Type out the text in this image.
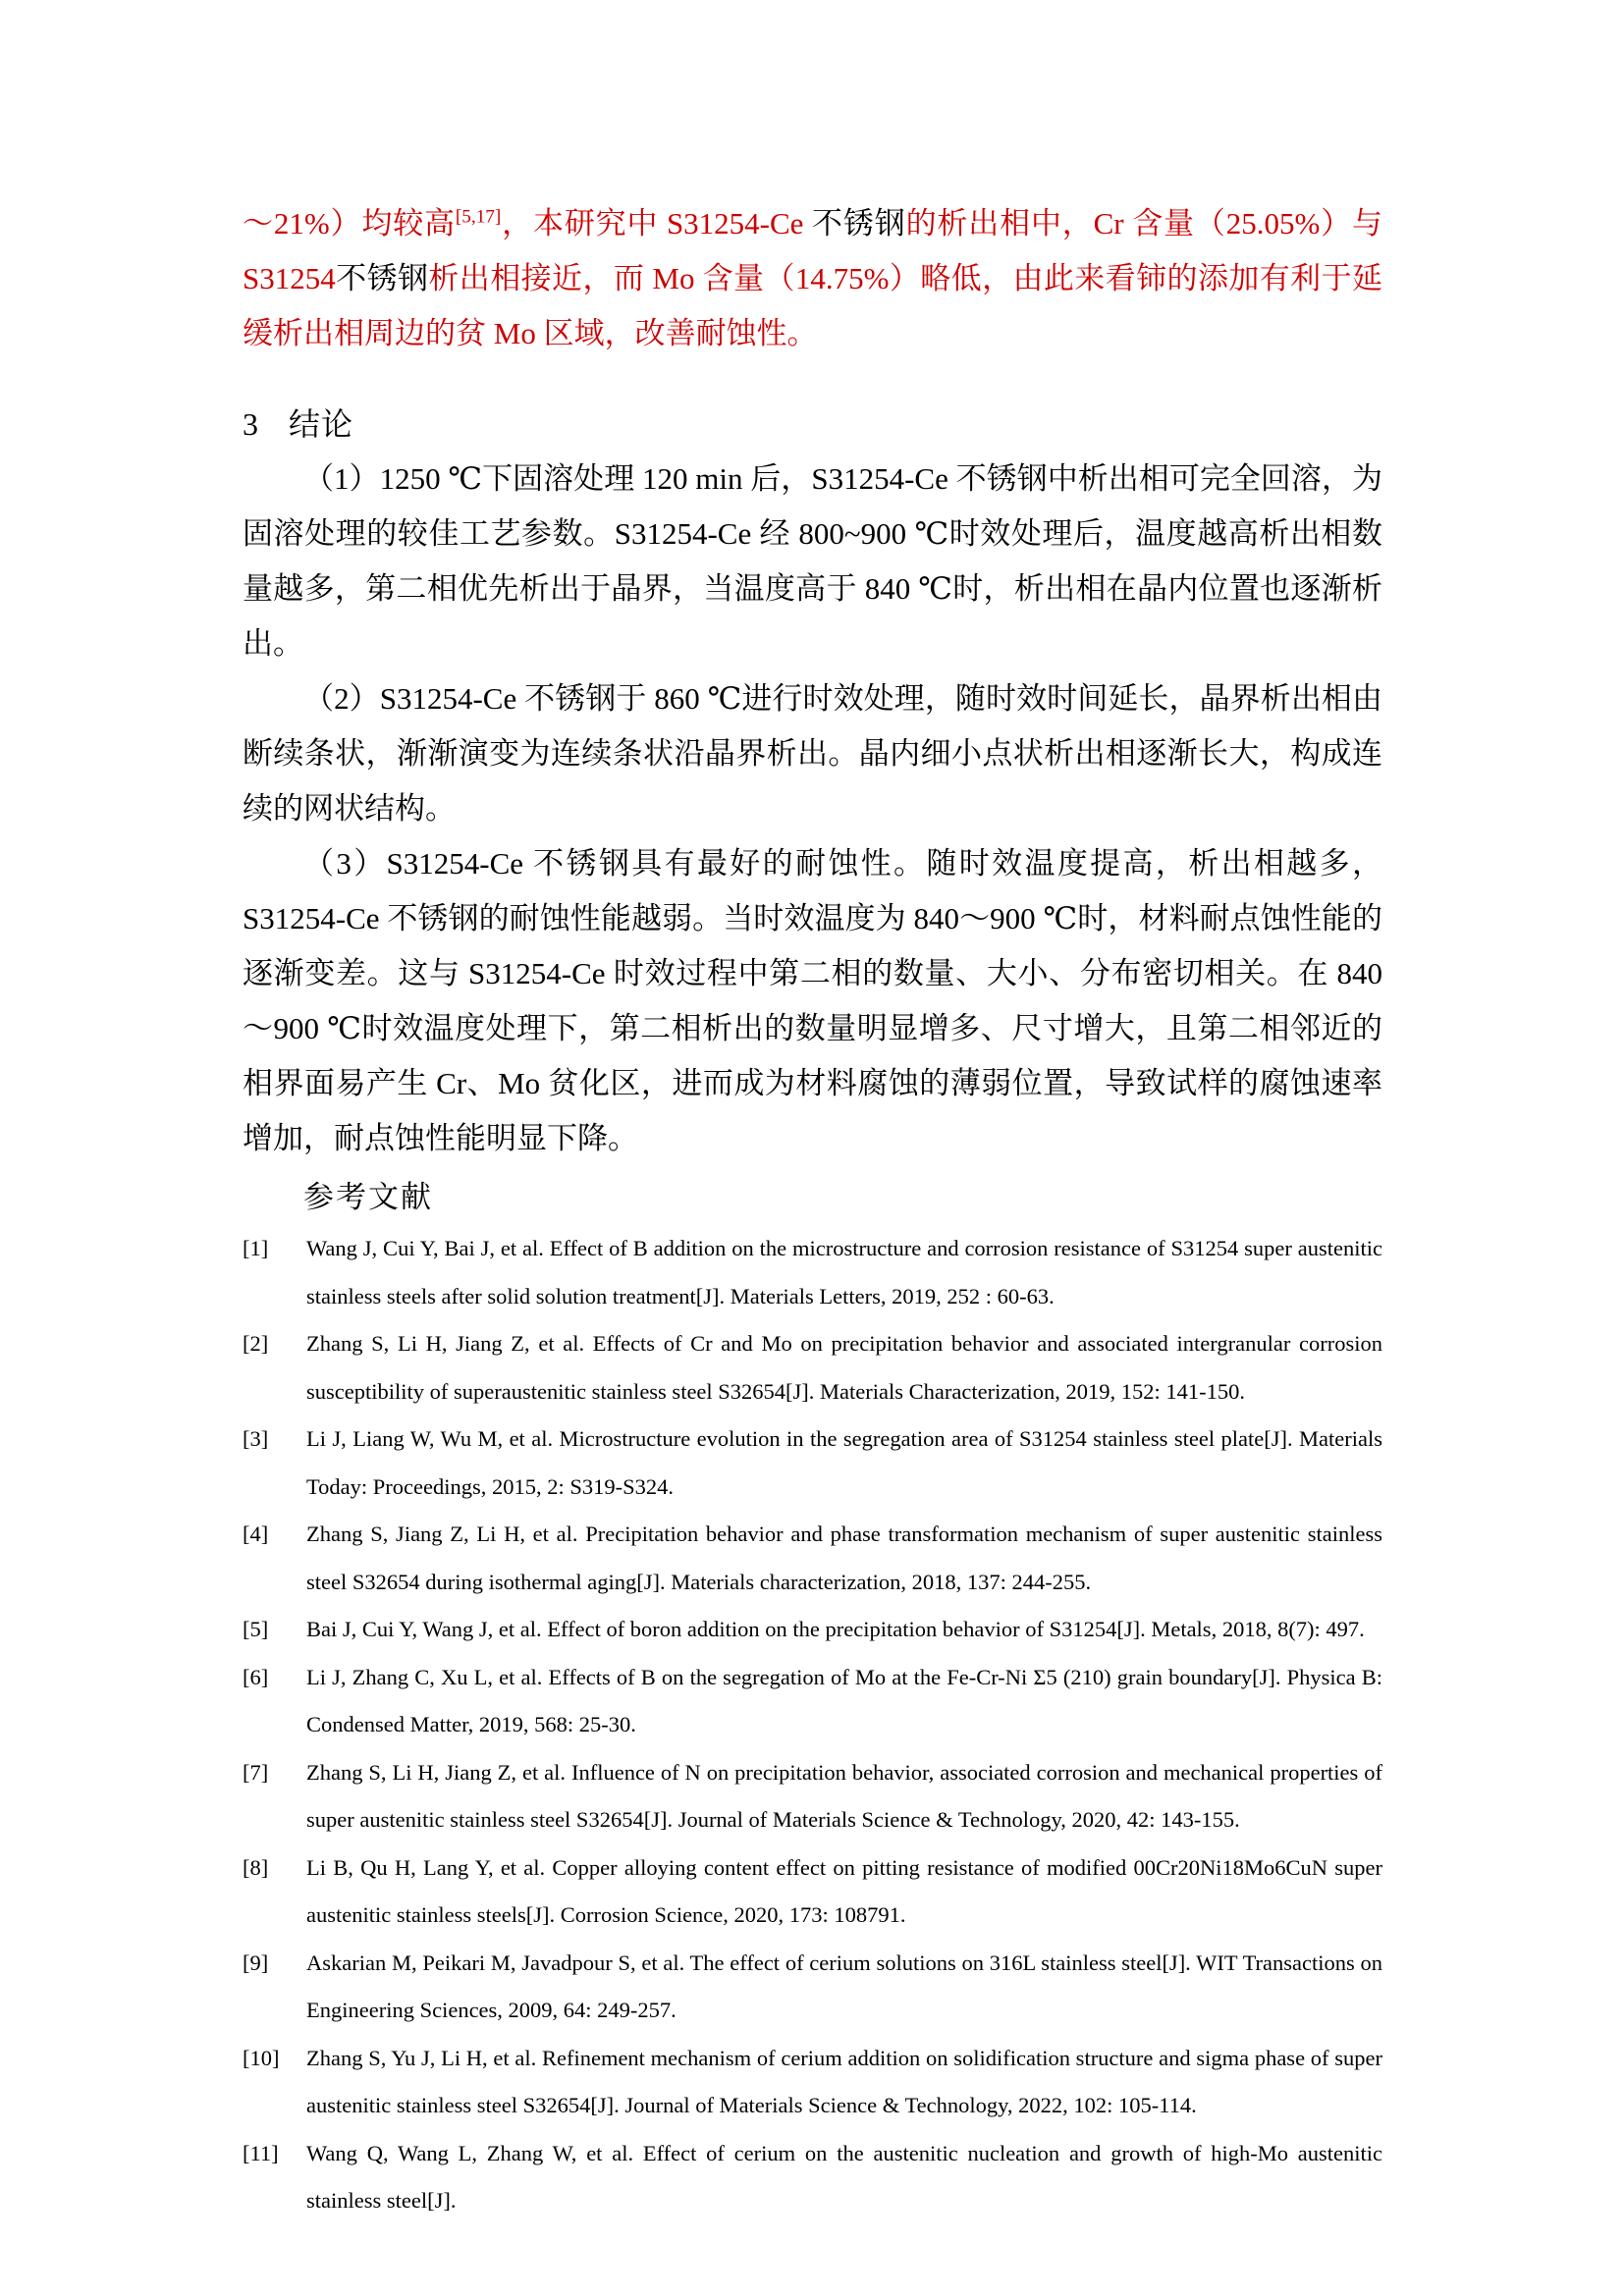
～21%）均较高[5,17]，本研究中 S31254-Ce 不锈钢的析出相中，Cr 含量（25.05%）与 S31254不锈钢析出相接近，而 Mo 含量（14.75%）略低，由此来看铈的添加有利于延缓析出相周边的贫 Mo 区域，改善耐蚀性。

3 结论

（1）1250 ℃下固溶处理 120 min 后，S31254-Ce 不锈钢中析出相可完全回溶，为固溶处理的较佳工艺参数。S31254-Ce 经 800~900 ℃时效处理后，温度越高析出相数量越多，第二相优先析出于晶界，当温度高于 840 ℃时，析出相在晶内位置也逐渐析出。

（2）S31254-Ce 不锈钢于 860 ℃进行时效处理，随时效时间延长，晶界析出相由断续条状，渐渐演变为连续条状沿晶界析出。晶内细小点状析出相逐渐长大，构成连续的网状结构。

（3）S31254-Ce 不锈钢具有最好的耐蚀性。随时效温度提高，析出相越多，S31254-Ce 不锈钢的耐蚀性能越弱。当时效温度为 840～900 ℃时，材料耐点蚀性能的逐渐变差。这与 S31254-Ce 时效过程中第二相的数量、大小、分布密切相关。在 840～900 ℃时效温度处理下，第二相析出的数量明显增多、尺寸增大，且第二相邻近的相界面易产生 Cr、Mo 贫化区，进而成为材料腐蚀的薄弱位置，导致试样的腐蚀速率增加，耐点蚀性能明显下降。

参考文献
[1] Wang J, Cui Y, Bai J, et al. Effect of B addition on the microstructure and corrosion resistance of S31254 super austenitic stainless steels after solid solution treatment[J]. Materials Letters, 2019, 252 : 60-63.
[2] Zhang S, Li H, Jiang Z, et al. Effects of Cr and Mo on precipitation behavior and associated intergranular corrosion susceptibility of superaustenitic stainless steel S32654[J]. Materials Characterization, 2019, 152: 141-150.
[3] Li J, Liang W, Wu M, et al. Microstructure evolution in the segregation area of S31254 stainless steel plate[J]. Materials Today: Proceedings, 2015, 2: S319-S324.
[4] Zhang S, Jiang Z, Li H, et al. Precipitation behavior and phase transformation mechanism of super austenitic stainless steel S32654 during isothermal aging[J]. Materials characterization, 2018, 137: 244-255.
[5] Bai J, Cui Y, Wang J, et al. Effect of boron addition on the precipitation behavior of S31254[J]. Metals, 2018, 8(7): 497.
[6] Li J, Zhang C, Xu L, et al. Effects of B on the segregation of Mo at the Fe-Cr-Ni Σ5 (210) grain boundary[J]. Physica B: Condensed Matter, 2019, 568: 25-30.
[7] Zhang S, Li H, Jiang Z, et al. Influence of N on precipitation behavior, associated corrosion and mechanical properties of super austenitic stainless steel S32654[J]. Journal of Materials Science & Technology, 2020, 42: 143-155.
[8] Li B, Qu H, Lang Y, et al. Copper alloying content effect on pitting resistance of modified 00Cr20Ni18Mo6CuN super austenitic stainless steels[J]. Corrosion Science, 2020, 173: 108791.
[9] Askarian M, Peikari M, Javadpour S, et al. The effect of cerium solutions on 316L stainless steel[J]. WIT Transactions on Engineering Sciences, 2009, 64: 249-257.
[10] Zhang S, Yu J, Li H, et al. Refinement mechanism of cerium addition on solidification structure and sigma phase of super austenitic stainless steel S32654[J]. Journal of Materials Science & Technology, 2022, 102: 105-114.
[11] Wang Q, Wang L, Zhang W, et al. Effect of cerium on the austenitic nucleation and growth of high-Mo austenitic stainless steel[J].
